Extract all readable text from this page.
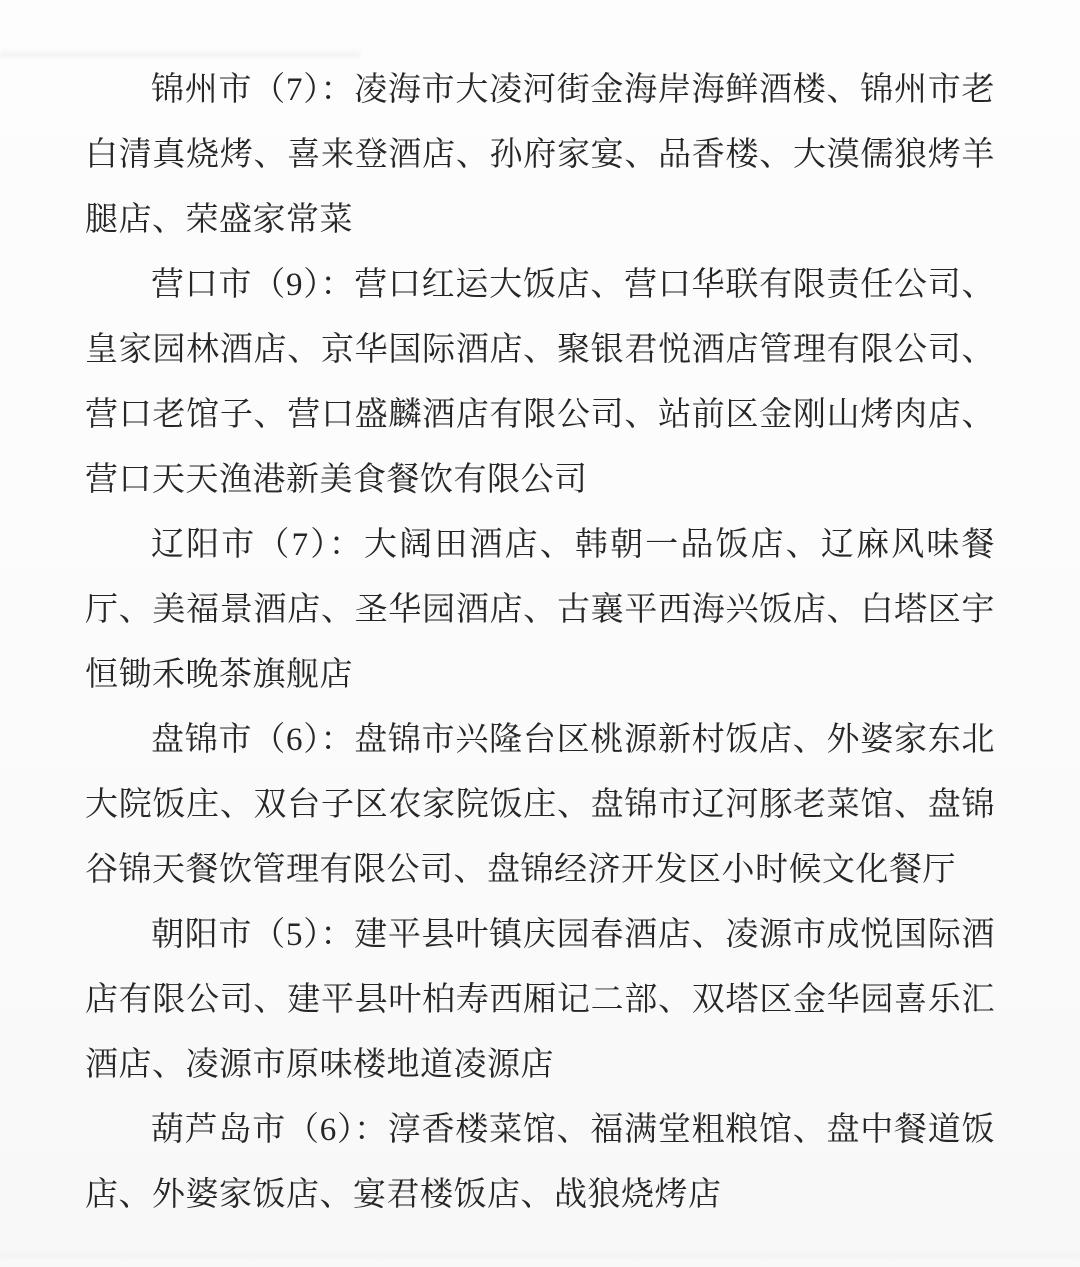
锦州市（7）：凌海市大凌河街金海岸海鲜酒楼、锦州市老白清真烧烤、喜来登酒店、孙府家宴、品香楼、大漠儒狼烤羊腿店、荣盛家常菜

营口市（9）：营口红运大饭店、营口华联有限责任公司、皇家园林酒店、京华国际酒店、聚银君悦酒店管理有限公司、营口老馆子、营口盛麟酒店有限公司、站前区金刚山烤肉店、营口天天渔港新美食餐饮有限公司

辽阳市（7）：大阔田酒店、韩朝一品饭店、辽麻风味餐厅、美福景酒店、圣华园酒店、古襄平西海兴饭店、白塔区宇恒锄禾晚茶旗舰店

盘锦市（6）：盘锦市兴隆台区桃源新村饭店、外婆家东北大院饭庄、双台子区农家院饭庄、盘锦市辽河豚老菜馆、盘锦谷锦天餐饮管理有限公司、盘锦经济开发区小时候文化餐厅

朝阳市（5）：建平县叶镇庆园春酒店、凌源市成悦国际酒店有限公司、建平县叶柏寿西厢记二部、双塔区金华园喜乐汇酒店、凌源市原味楼地道凌源店

葫芦岛市（6）：淳香楼菜馆、福满堂粗粮馆、盘中餐道饭店、外婆家饭店、宴君楼饭店、战狼烧烤店
